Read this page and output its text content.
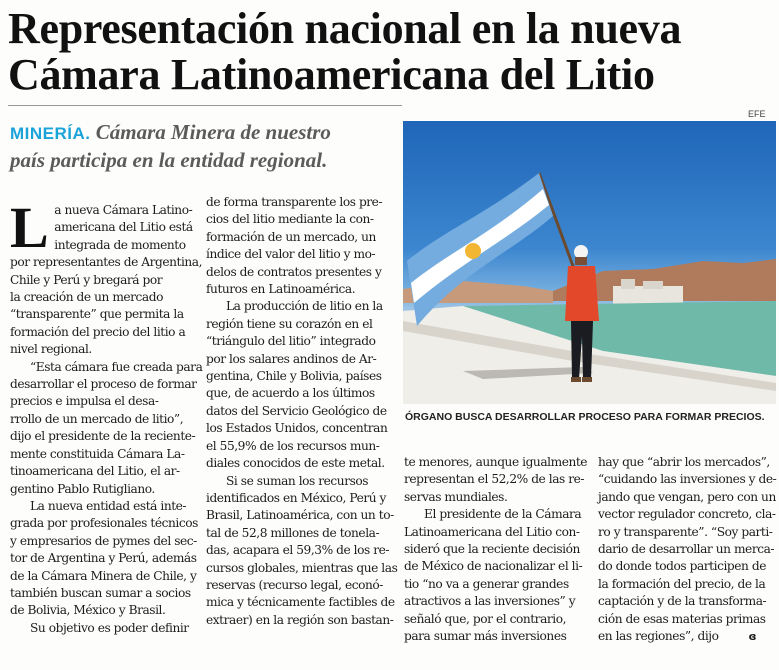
Representación nacional en la nueva
Cámara Latinoamericana del Litio
MINERÍA. Cámara Minera de nuestro
país participa en la entidad regional.
EFE
ÓRGANO BUSCA DESARROLLAR PROCESO PARA FORMAR PRECIOS.
L a nueva Cámara Latino-
americana del Litio está
integrada de momento
por representantes de Argentina,
Chile y Perú y bregará por
la creación de un mercado
“transparente” que permita la
formación del precio del litio a
nivel regional.
“Esta cámara fue creada para
desarrollar el proceso de formar
precios e impulsa el desa-
rrollo de un mercado de litio”,
dijo el presidente de la reciente-
mente constituida Cámara La-
tinoamericana del Litio, el ar-
gentino Pablo Rutigliano.
La nueva entidad está inte-
grada por profesionales técnicos
y empresarios de pymes del sec-
tor de Argentina y Perú, además
de la Cámara Minera de Chile, y
también buscan sumar a socios
de Bolivia, México y Brasil.
Su objetivo es poder definir
de forma transparente los pre-
cios del litio mediante la con-
formación de un mercado, un
índice del valor del litio y mo-
delos de contratos presentes y
futuros en Latinoamérica.
La producción de litio en la
región tiene su corazón en el
“triángulo del litio” integrado
por los salares andinos de Ar-
gentina, Chile y Bolivia, países
que, de acuerdo a los últimos
datos del Servicio Geológico de
los Estados Unidos, concentran
el 55,9% de los recursos mun-
diales conocidos de este metal.
Si se suman los recursos
identificados en México, Perú y
Brasil, Latinoamérica, con un to-
tal de 52,8 millones de tonela-
das, acapara el 59,3% de los re-
cursos globales, mientras que las
reservas (recurso legal, econó-
mica y técnicamente factibles de
extraer) en la región son bastan-
te menores, aunque igualmente
representan el 52,2% de las re-
servas mundiales.
El presidente de la Cámara
Latinoamericana del Litio con-
sideró que la reciente decisión
de México de nacionalizar el li-
tio “no va a generar grandes
atractivos a las inversiones” y
señaló que, por el contrario,
para sumar más inversiones
hay que “abrir los mercados”,
“cuidando las inversiones y de-
jando que vengan, pero con un
vector regulador concreto, cla-
ro y transparente”. “Soy parti-
dario de desarrollar un merca-
do donde todos participen de
la formación del precio, de la
captación y de la transforma-
ción de esas materias primas
en las regiones”, dijo	ɞ
